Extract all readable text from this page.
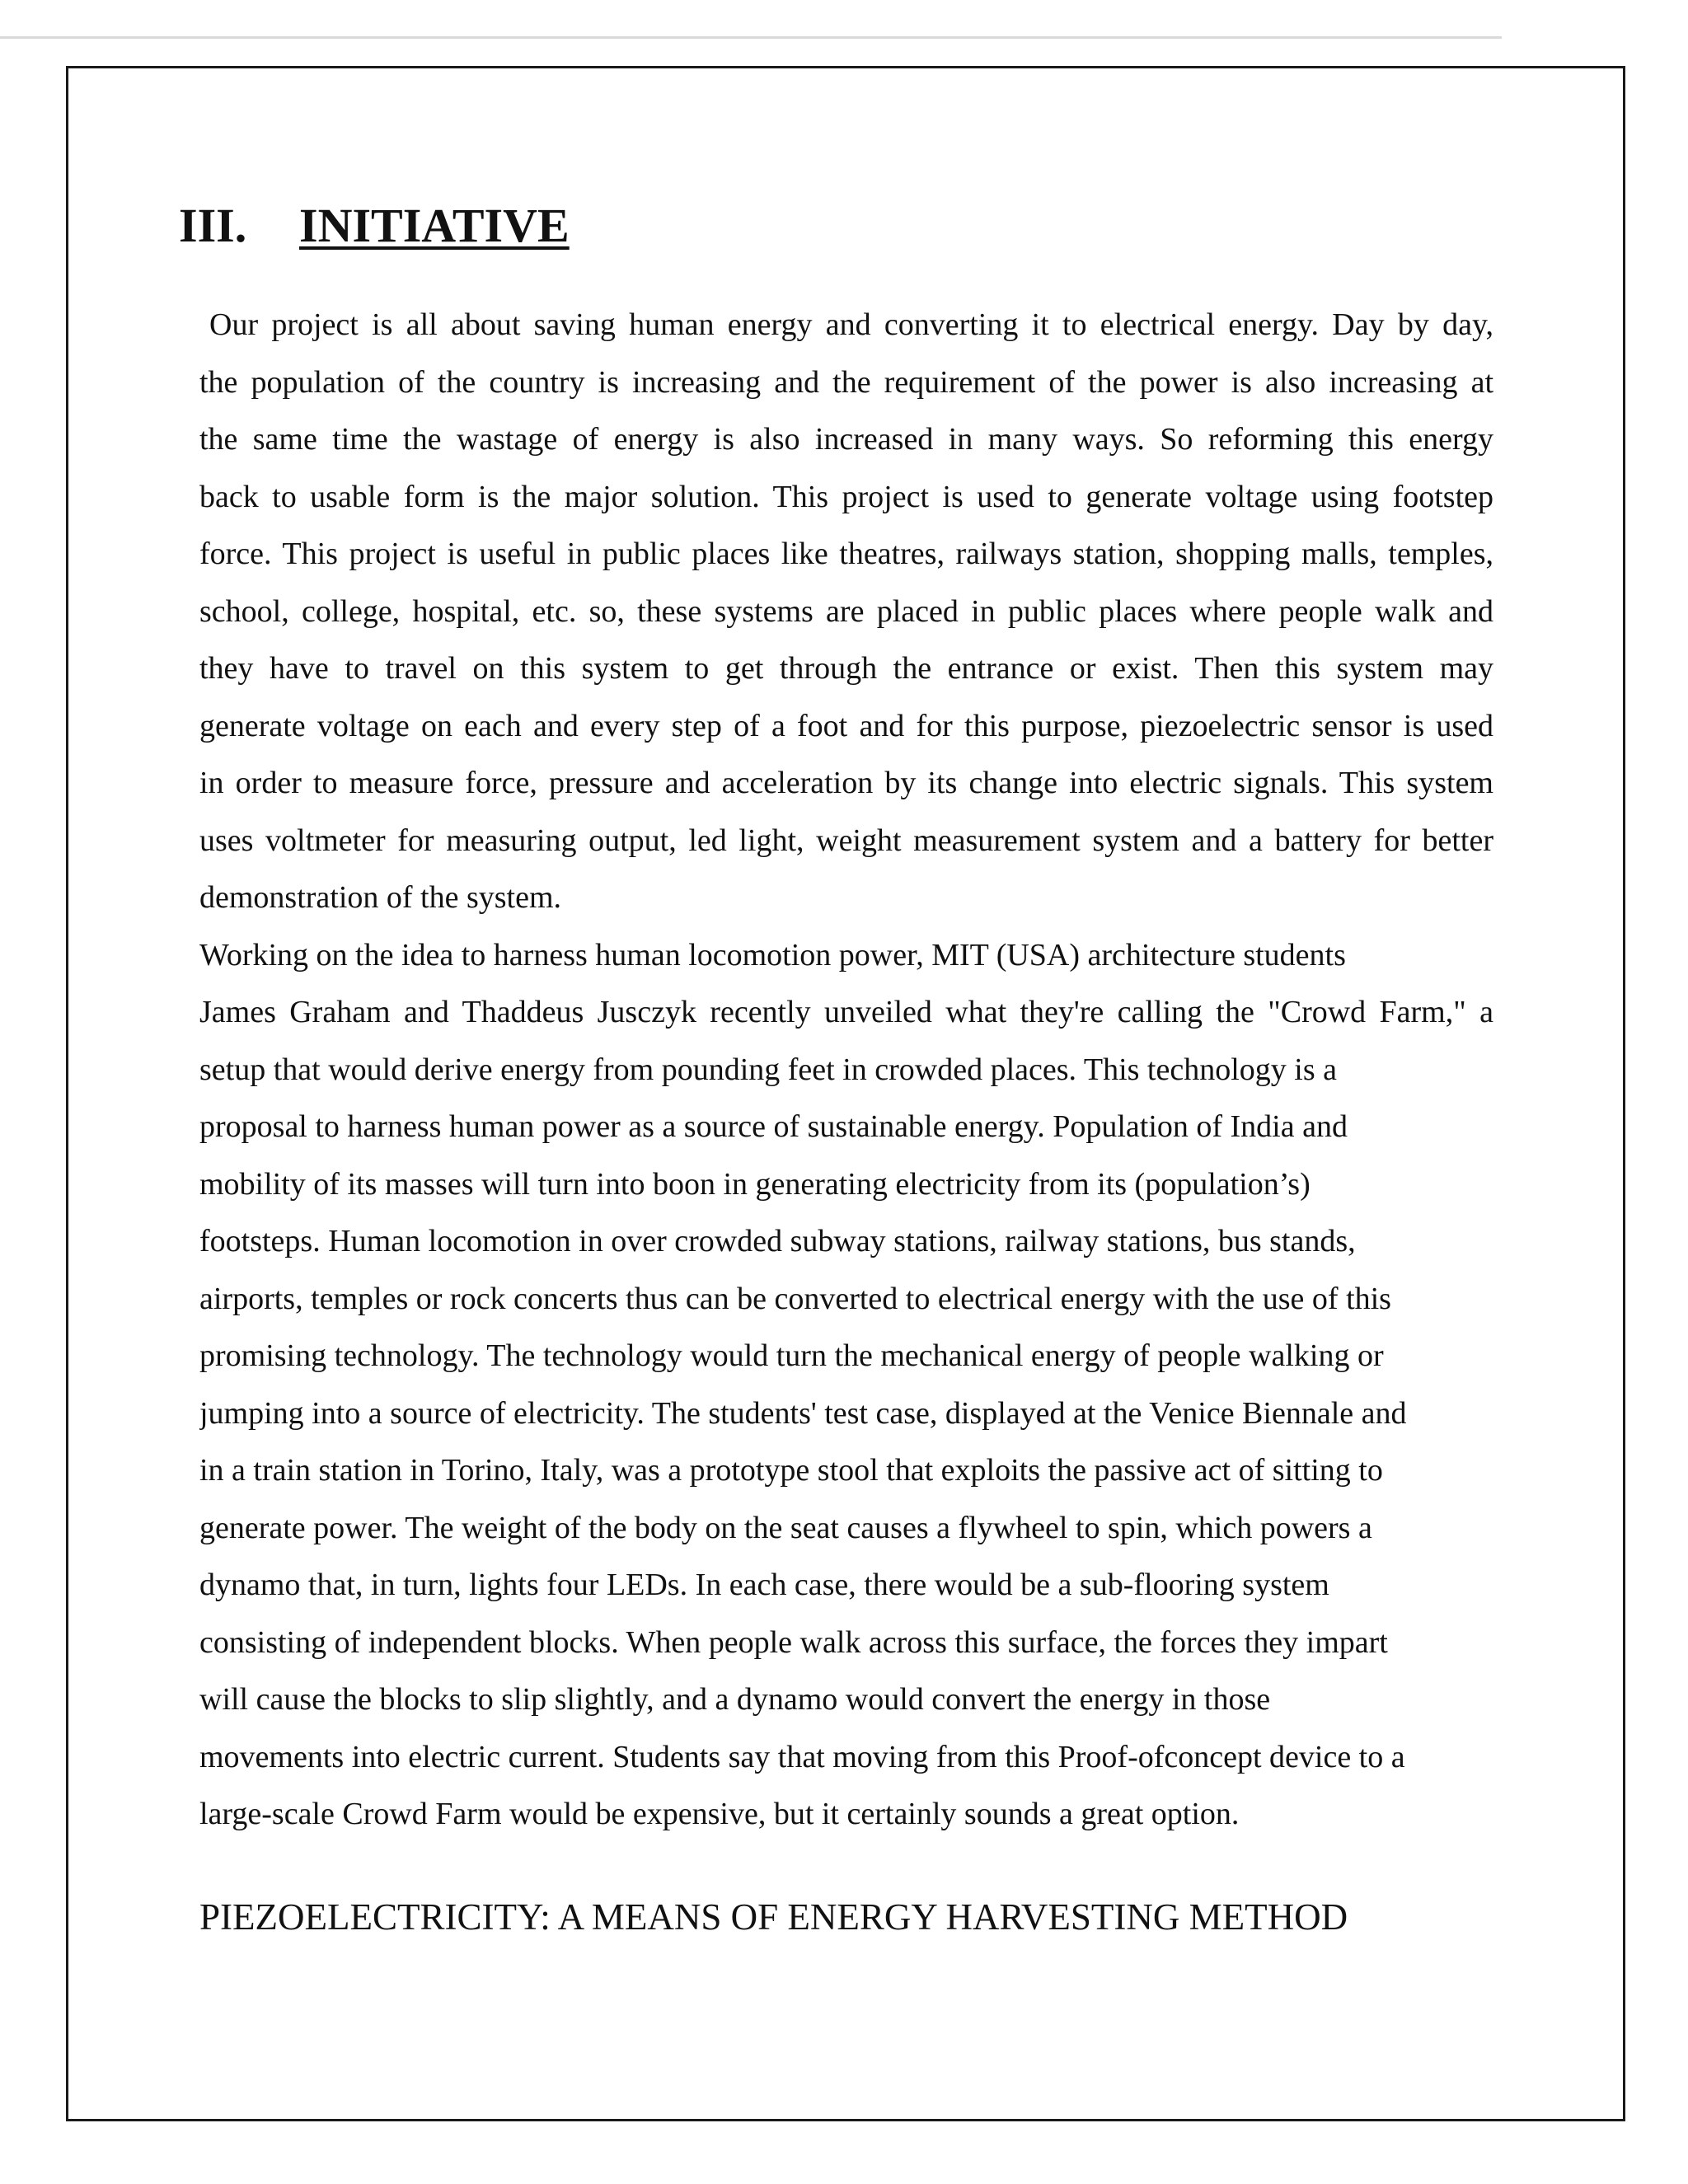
III. INITIATIVE
Our project is all about saving human energy and converting it to electrical energy. Day by day,
the population of the country is increasing and the requirement of the power is also increasing at
the same time the wastage of energy is also increased in many ways. So reforming this energy
back to usable form is the major solution. This project is used to generate voltage using footstep
force. This project is useful in public places like theatres, railways station, shopping malls, temples,
school, college, hospital, etc. so, these systems are placed in public places where people walk and
they have to travel on this system to get through the entrance or exist. Then this system may
generate voltage on each and every step of a foot and for this purpose, piezoelectric sensor is used
in order to measure force, pressure and acceleration by its change into electric signals. This system
uses voltmeter for measuring output, led light, weight measurement system and a battery for better
demonstration of the system.
Working on the idea to harness human locomotion power, MIT (USA) architecture students
James Graham and Thaddeus Jusczyk recently unveiled what they're calling the "Crowd Farm," a
setup that would derive energy from pounding feet in crowded places. This technology is a
proposal to harness human power as a source of sustainable energy. Population of India and
mobility of its masses will turn into boon in generating electricity from its (population’s)
footsteps. Human locomotion in over crowded subway stations, railway stations, bus stands,
airports, temples or rock concerts thus can be converted to electrical energy with the use of this
promising technology. The technology would turn the mechanical energy of people walking or
jumping into a source of electricity. The students' test case, displayed at the Venice Biennale and
in a train station in Torino, Italy, was a prototype stool that exploits the passive act of sitting to
generate power. The weight of the body on the seat causes a flywheel to spin, which powers a
dynamo that, in turn, lights four LEDs. In each case, there would be a sub-flooring system
consisting of independent blocks. When people walk across this surface, the forces they impart
will cause the blocks to slip slightly, and a dynamo would convert the energy in those
movements into electric current. Students say that moving from this Proof-ofconcept device to a
large-scale Crowd Farm would be expensive, but it certainly sounds a great option.
PIEZOELECTRICITY: A MEANS OF ENERGY HARVESTING METHOD
